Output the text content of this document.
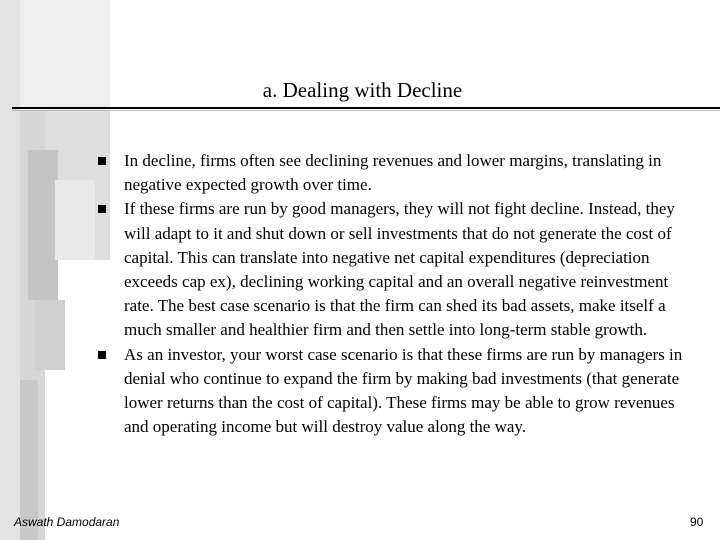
a. Dealing with Decline
In decline, firms often see declining revenues and lower margins, translating in negative expected growth over time.
If these firms are run by good managers, they will not fight decline. Instead, they will adapt to it and shut down or sell investments that do not generate the cost of capital. This can translate into negative net capital expenditures (depreciation exceeds cap ex), declining working capital and an overall negative reinvestment rate. The best case scenario is that the firm can shed its bad assets, make itself a much smaller and healthier firm and then settle into long-term stable growth.
As an investor, your worst case scenario is that these firms are run by managers in denial who continue to expand the firm by making bad investments (that generate lower returns than the cost of capital). These firms may be able to grow revenues and operating income but will destroy value along the way.
Aswath Damodaran	90
